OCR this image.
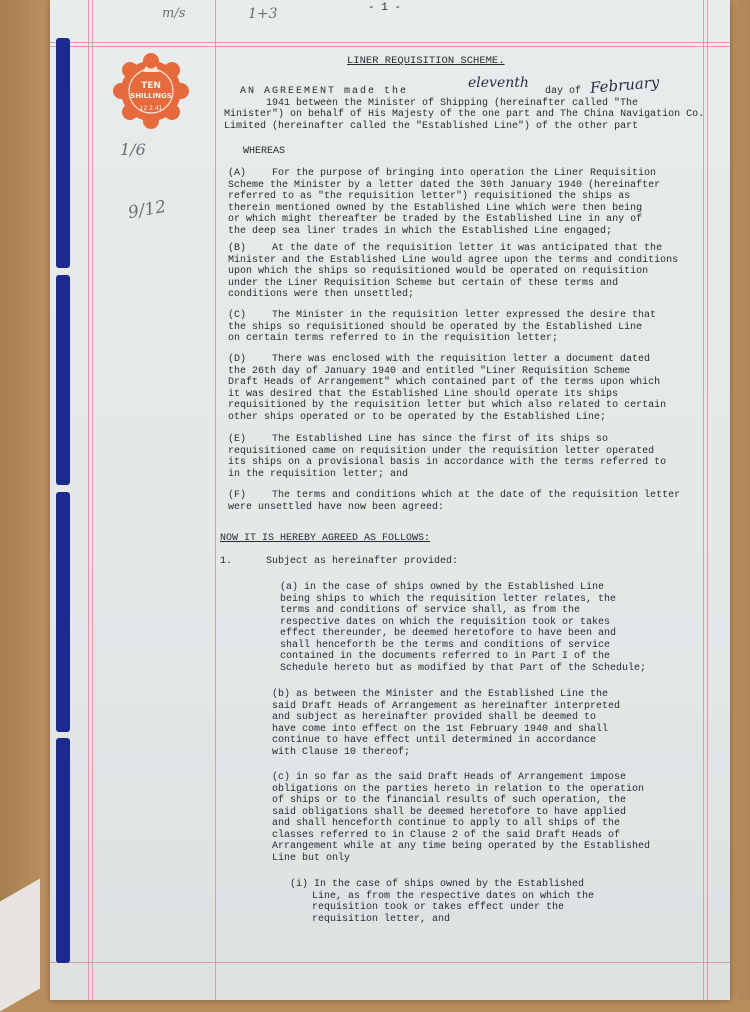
- 1 -
m/s	1+3
1/6
9/12
TEN
SHILLINGS
12 2 41
LINER REQUISITION SCHEME.
AN AGREEMENT made the
eleventh
day of February
1941 between the Minister of Shipping (hereinafter called "The
Minister") on behalf of His Majesty of the one part and The China Navigation Co.
Limited (hereinafter called the "Established Line") of the other part
WHEREAS
(A)	For the purpose of bringing into operation the Liner Requisition
Scheme the Minister by a letter dated the 30th January 1940 (hereinafter
referred to as "the requisition letter") requisitioned the ships as
therein mentioned owned by the Established Line which were then being
or which might thereafter be traded by the Established Line in any of
the deep sea liner trades in which the Established Line engaged;
(B)	At the date of the requisition letter it was anticipated that the
Minister and the Established Line would agree upon the terms and conditions
upon which the ships so requisitioned would be operated on requisition
under the Liner Requisition Scheme but certain of these terms and
conditions were then unsettled;
(C)	The Minister in the requisition letter expressed the desire that
the ships so requisitioned should be operated by the Established Line
on certain terms referred to in the requisition letter;
(D)	There was enclosed with the requisition letter a document dated
the 26th day of January 1940 and entitled "Liner Requisition Scheme
Draft Heads of Arrangement" which contained part of the terms upon which
it was desired that the Established Line should operate its ships
requisitioned by the requisition letter but which also related to certain
other ships operated or to be operated by the Established Line;
(E)	The Established Line has since the first of its ships so
requisitioned came on requisition under the requisition letter operated
its ships on a provisional basis in accordance with the terms referred to
in the requisition letter; and
(F)	The terms and conditions which at the date of the requisition letter
were unsettled have now been agreed:
NOW IT IS HEREBY AGREED AS FOLLOWS:
1.	Subject as hereinafter provided:
(a) in the case of ships owned by the Established Line
being ships to which the requisition letter relates, the
terms and conditions of service shall, as from the
respective dates on which the requisition took or takes
effect thereunder, be deemed heretofore to have been and
shall henceforth be the terms and conditions of service
contained in the documents referred to in Part I of the
Schedule hereto but as modified by that Part of the Schedule;
(b) as between the Minister and the Established Line the
said Draft Heads of Arrangement as hereinafter interpreted
and subject as hereinafter provided shall be deemed to
have come into effect on the 1st February 1940 and shall
continue to have effect until determined in accordance
with Clause 10 thereof;
(c) in so far as the said Draft Heads of Arrangement impose
obligations on the parties hereto in relation to the operation
of ships or to the financial results of such operation, the
said obligations shall be deemed heretofore to have applied
and shall henceforth continue to apply to all ships of the
classes referred to in Clause 2 of the said Draft Heads of
Arrangement while at any time being operated by the Established
Line but only
(i) In the case of ships owned by the Established
Line, as from the respective dates on which the
requisition took or takes effect under the
requisition letter, and
